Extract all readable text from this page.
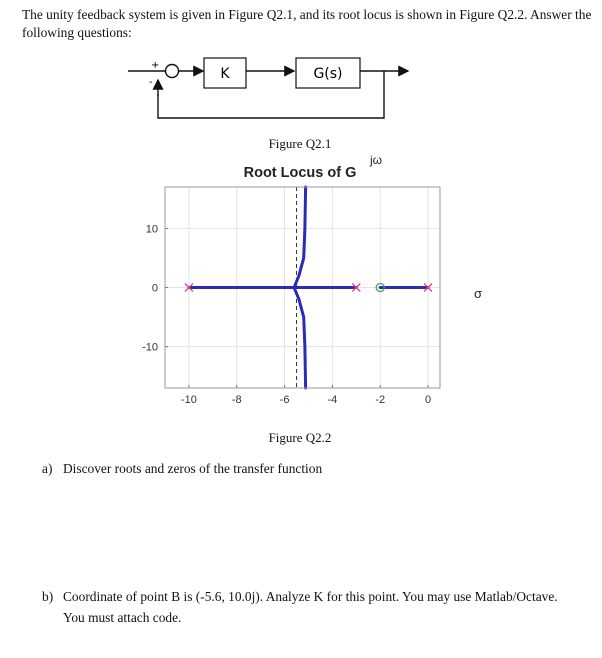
The unity feedback system is given in Figure Q2.1, and its root locus is shown in Figure Q2.2. Answer the following questions:
+
-
K	G(s)
Figure Q2.1
Root Locus of G
jω
σ
-10	-8	-6	-4	-2	0
10
0
-10
Figure Q2.2
a) Discover roots and zeros of the transfer function
b) Coordinate of point B is (-5.6, 10.0j). Analyze K for this point. You may use Matlab/Octave. You must attach code.
